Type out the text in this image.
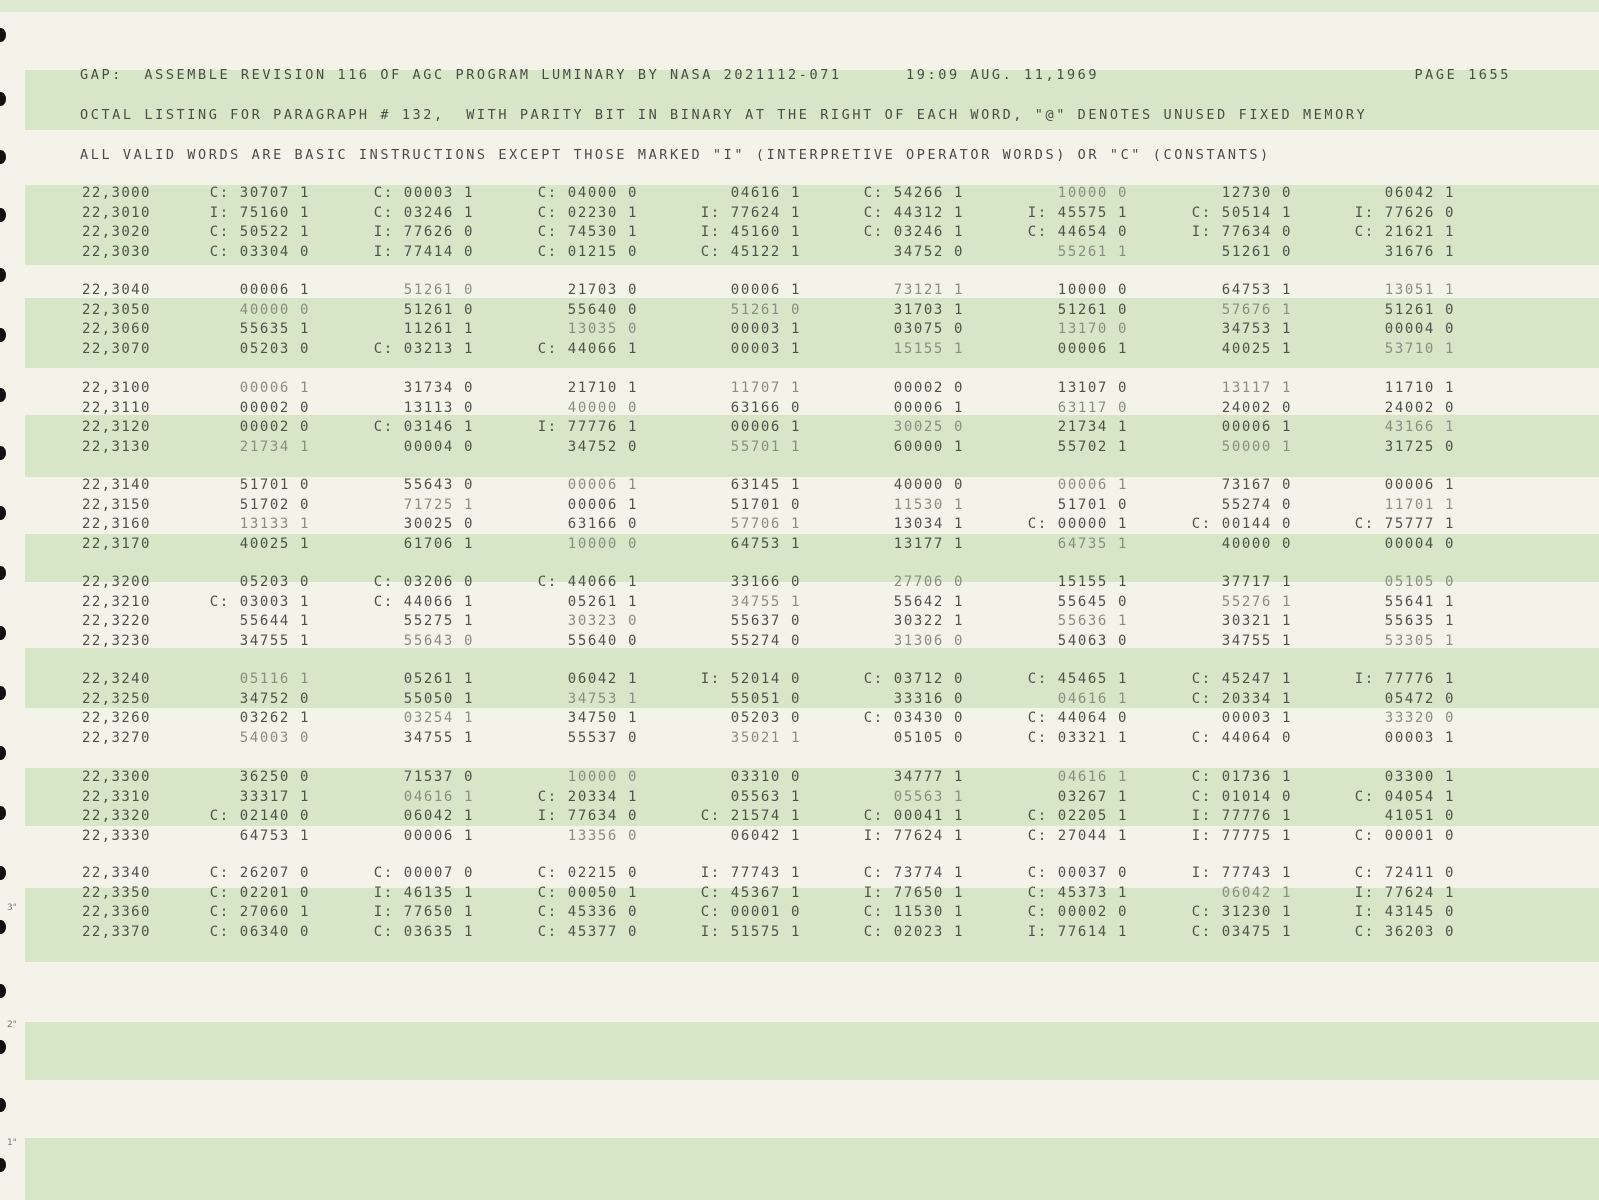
3"
2"
1"
GAP:  ASSEMBLE REVISION 116 OF AGC PROGRAM LUMINARY BY NASA 2021112-071      19:09 AUG. 11,1969	PAGE 1655
OCTAL LISTING FOR PARAGRAPH # 132,  WITH PARITY BIT IN BINARY AT THE RIGHT OF EACH WORD, "@" DENOTES UNUSED FIXED MEMORY
ALL VALID WORDS ARE BASIC INSTRUCTIONS EXCEPT THOSE MARKED "I" (INTERPRETIVE OPERATOR WORDS) OR "C" (CONSTANTS)
22,3000	C: 30707 1	C: 00003 1	C: 04000 0	04616 1	C: 54266 1	10000 0	12730 0	06042 1
22,3010	I: 75160 1	C: 03246 1	C: 02230 1	I: 77624 1	C: 44312 1	I: 45575 1	C: 50514 1	I: 77626 0
22,3020	C: 50522 1	I: 77626 0	C: 74530 1	I: 45160 1	C: 03246 1	C: 44654 0	I: 77634 0	C: 21621 1
22,3030	C: 03304 0	I: 77414 0	C: 01215 0	C: 45122 1	34752 0	55261 1	51261 0	31676 1
22,3040	00006 1	51261 0	21703 0	00006 1	73121 1	10000 0	64753 1	13051 1
22,3050	40000 0	51261 0	55640 0	51261 0	31703 1	51261 0	57676 1	51261 0
22,3060	55635 1	11261 1	13035 0	00003 1	03075 0	13170 0	34753 1	00004 0
22,3070	05203 0	C: 03213 1	C: 44066 1	00003 1	15155 1	00006 1	40025 1	53710 1
22,3100	00006 1	31734 0	21710 1	11707 1	00002 0	13107 0	13117 1	11710 1
22,3110	00002 0	13113 0	40000 0	63166 0	00006 1	63117 0	24002 0	24002 0
22,3120	00002 0	C: 03146 1	I: 77776 1	00006 1	30025 0	21734 1	00006 1	43166 1
22,3130	21734 1	00004 0	34752 0	55701 1	60000 1	55702 1	50000 1	31725 0
22,3140	51701 0	55643 0	00006 1	63145 1	40000 0	00006 1	73167 0	00006 1
22,3150	51702 0	71725 1	00006 1	51701 0	11530 1	51701 0	55274 0	11701 1
22,3160	13133 1	30025 0	63166 0	57706 1	13034 1	C: 00000 1	C: 00144 0	C: 75777 1
22,3170	40025 1	61706 1	10000 0	64753 1	13177 1	64735 1	40000 0	00004 0
22,3200	05203 0	C: 03206 0	C: 44066 1	33166 0	27706 0	15155 1	37717 1	05105 0
22,3210	C: 03003 1	C: 44066 1	05261 1	34755 1	55642 1	55645 0	55276 1	55641 1
22,3220	55644 1	55275 1	30323 0	55637 0	30322 1	55636 1	30321 1	55635 1
22,3230	34755 1	55643 0	55640 0	55274 0	31306 0	54063 0	34755 1	53305 1
22,3240	05116 1	05261 1	06042 1	I: 52014 0	C: 03712 0	C: 45465 1	C: 45247 1	I: 77776 1
22,3250	34752 0	55050 1	34753 1	55051 0	33316 0	04616 1	C: 20334 1	05472 0
22,3260	03262 1	03254 1	34750 1	05203 0	C: 03430 0	C: 44064 0	00003 1	33320 0
22,3270	54003 0	34755 1	55537 0	35021 1	05105 0	C: 03321 1	C: 44064 0	00003 1
22,3300	36250 0	71537 0	10000 0	03310 0	34777 1	04616 1	C: 01736 1	03300 1
22,3310	33317 1	04616 1	C: 20334 1	05563 1	05563 1	03267 1	C: 01014 0	C: 04054 1
22,3320	C: 02140 0	06042 1	I: 77634 0	C: 21574 1	C: 00041 1	C: 02205 1	I: 77776 1	41051 0
22,3330	64753 1	00006 1	13356 0	06042 1	I: 77624 1	C: 27044 1	I: 77775 1	C: 00001 0
22,3340	C: 26207 0	C: 00007 0	C: 02215 0	I: 77743 1	C: 73774 1	C: 00037 0	I: 77743 1	C: 72411 0
22,3350	C: 02201 0	I: 46135 1	C: 00050 1	C: 45367 1	I: 77650 1	C: 45373 1	06042 1	I: 77624 1
22,3360	C: 27060 1	I: 77650 1	C: 45336 0	C: 00001 0	C: 11530 1	C: 00002 0	C: 31230 1	I: 43145 0
22,3370	C: 06340 0	C: 03635 1	C: 45377 0	I: 51575 1	C: 02023 1	I: 77614 1	C: 03475 1	C: 36203 0
